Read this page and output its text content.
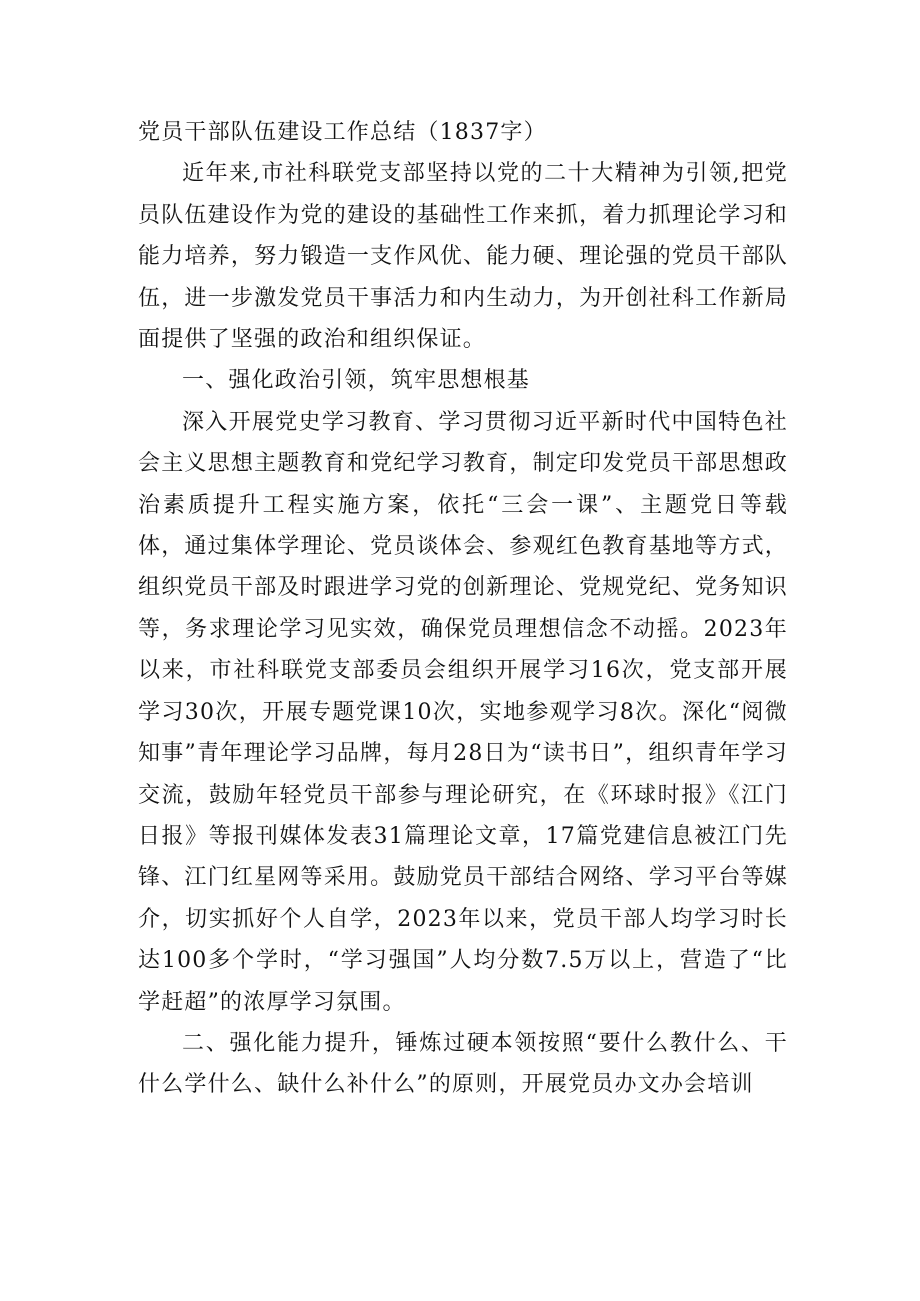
党员干部队伍建设工作总结（1837字）

近年来,市社科联党支部坚持以党的二十大精神为引领,把党员队伍建设作为党的建设的基础性工作来抓，着力抓理论学习和能力培养，努力锻造一支作风优、能力硬、理论强的党员干部队伍，进一步激发党员干事活力和内生动力，为开创社科工作新局面提供了坚强的政治和组织保证。

一、强化政治引领，筑牢思想根基

深入开展党史学习教育、学习贯彻习近平新时代中国特色社会主义思想主题教育和党纪学习教育，制定印发党员干部思想政治素质提升工程实施方案，依托“三会一课”、主题党日等载体，通过集体学理论、党员谈体会、参观红色教育基地等方式，组织党员干部及时跟进学习党的创新理论、党规党纪、党务知识等，务求理论学习见实效，确保党员理想信念不动摇。2023年以来，市社科联党支部委员会组织开展学习16次，党支部开展学习30次，开展专题党课10次，实地参观学习8次。深化“阅微知事”青年理论学习品牌，每月28日为“读书日”，组织青年学习交流，鼓励年轻党员干部参与理论研究，在《环球时报》《江门日报》等报刊媒体发表31篇理论文章，17篇党建信息被江门先锋、江门红星网等采用。鼓励党员干部结合网络、学习平台等媒介，切实抓好个人自学，2023年以来，党员干部人均学习时长达100多个学时，“学习强国”人均分数7.5万以上，营造了“比学赶超”的浓厚学习氛围。

二、强化能力提升，锤炼过硬本领按照“要什么教什么、干什么学什么、缺什么补什么”的原则，开展党员办文办会培训
